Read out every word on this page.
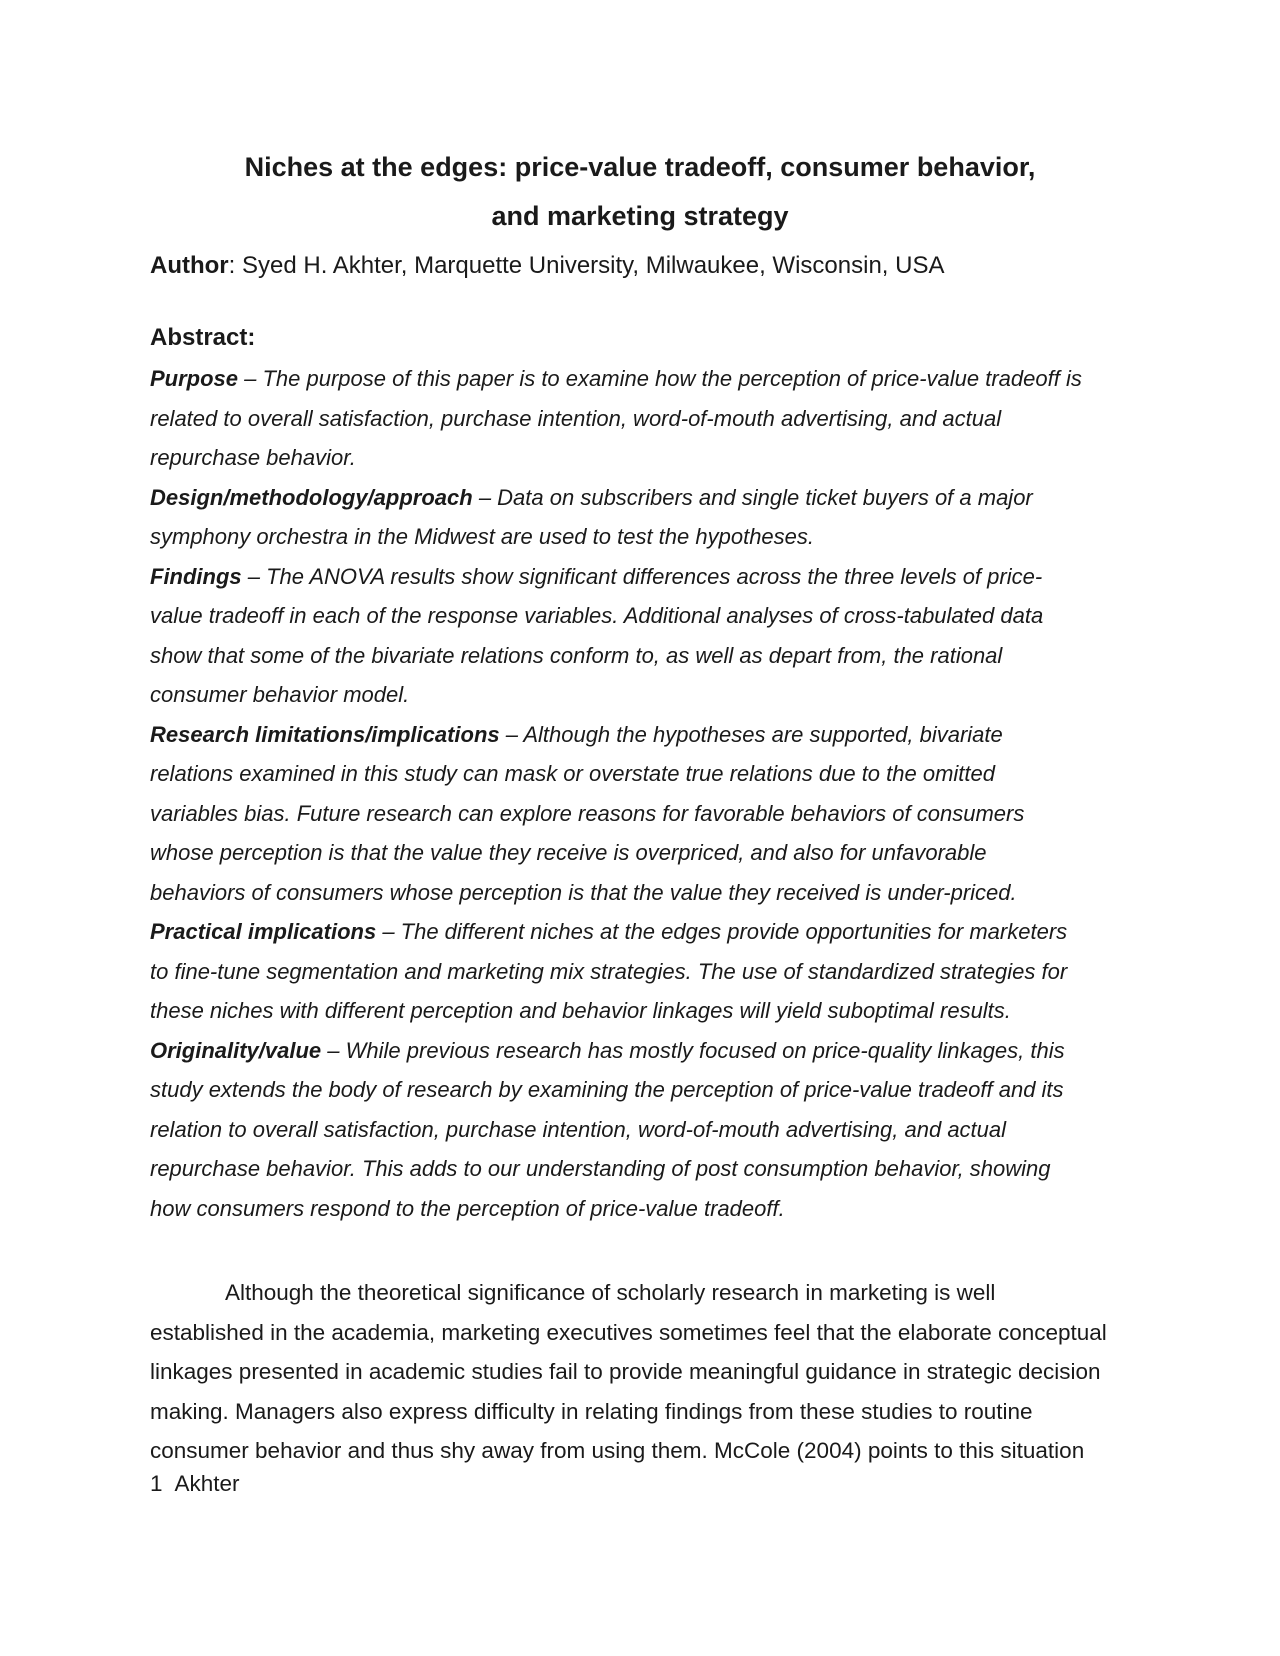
Niches at the edges: price-value tradeoff, consumer behavior,
and marketing strategy

Author: Syed H. Akhter, Marquette University, Milwaukee, Wisconsin, USA

Abstract:

Purpose – The purpose of this paper is to examine how the perception of price-value tradeoff is
related to overall satisfaction, purchase intention, word-of-mouth advertising, and actual
repurchase behavior.
Design/methodology/approach – Data on subscribers and single ticket buyers of a major
symphony orchestra in the Midwest are used to test the hypotheses.
Findings – The ANOVA results show significant differences across the three levels of price-
value tradeoff in each of the response variables. Additional analyses of cross-tabulated data
show that some of the bivariate relations conform to, as well as depart from, the rational
consumer behavior model.
Research limitations/implications – Although the hypotheses are supported, bivariate
relations examined in this study can mask or overstate true relations due to the omitted
variables bias. Future research can explore reasons for favorable behaviors of consumers
whose perception is that the value they receive is overpriced, and also for unfavorable
behaviors of consumers whose perception is that the value they received is under-priced.
Practical implications – The different niches at the edges provide opportunities for marketers
to fine-tune segmentation and marketing mix strategies. The use of standardized strategies for
these niches with different perception and behavior linkages will yield suboptimal results.
Originality/value – While previous research has mostly focused on price-quality linkages, this
study extends the body of research by examining the perception of price-value tradeoff and its
relation to overall satisfaction, purchase intention, word-of-mouth advertising, and actual
repurchase behavior. This adds to our understanding of post consumption behavior, showing
how consumers respond to the perception of price-value tradeoff.
Although the theoretical significance of scholarly research in marketing is well
established in the academia, marketing executives sometimes feel that the elaborate conceptual
linkages presented in academic studies fail to provide meaningful guidance in strategic decision
making. Managers also express difficulty in relating findings from these studies to routine
consumer behavior and thus shy away from using them. McCole (2004) points to this situation
1 Akhter
